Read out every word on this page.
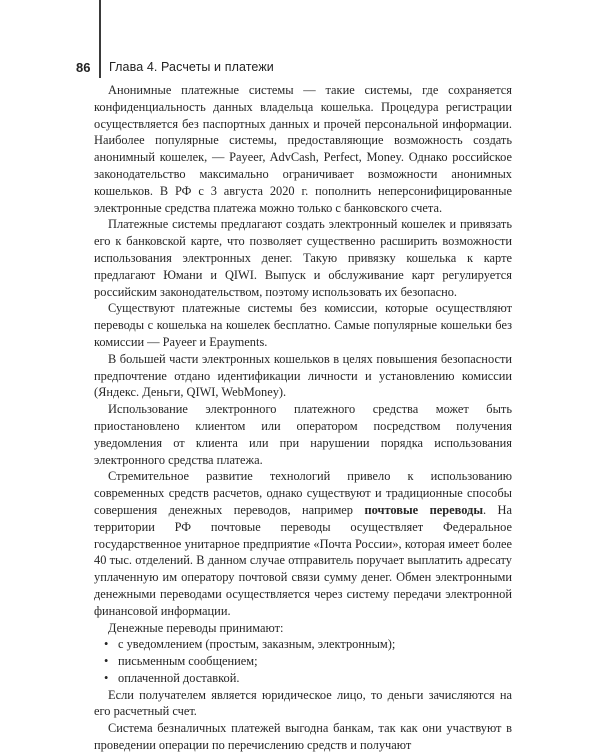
86	Глава 4. Расчеты и платежи

Анонимные платежные системы — такие системы, где сохраняется конфиденциальность данных владельца кошелька. Процедура регистрации осуществляется без паспортных данных и прочей персональной информации. Наиболее популярные системы, предоставляющие возможность создать анонимный кошелек, — Payeer, AdvCash, Perfect, Money. Однако российское законодательство максимально ограничивает возможности анонимных кошельков. В РФ с 3 августа 2020 г. пополнить неперсонифицированные электронные средства платежа можно только с банковского счета.

Платежные системы предлагают создать электронный кошелек и привязать его к банковской карте, что позволяет существенно расширить возможности использования электронных денег. Такую привязку кошелька к карте предлагают Юмани и QIWI. Выпуск и обслуживание карт регулируется российским законодательством, поэтому использовать их безопасно.

Существуют платежные системы без комиссии, которые осуществляют переводы с кошелька на кошелек бесплатно. Самые популярные кошельки без комиссии — Payeer и Epayments.

В большей части электронных кошельков в целях повышения безопасности предпочтение отдано идентификации личности и установлению комиссии (Яндекс. Деньги, QIWI, WebMoney).

Использование электронного платежного средства может быть приостановлено клиентом или оператором посредством получения уведомления от клиента или при нарушении порядка использования электронного средства платежа.

Стремительное развитие технологий привело к использованию современных средств расчетов, однако существуют и традиционные способы совершения денежных переводов, например почтовые переводы. На территории РФ почтовые переводы осуществляет Федеральное государственное унитарное предприятие «Почта России», которая имеет более 40 тыс. отделений. В данном случае отправитель поручает выплатить адресату уплаченную им оператору почтовой связи сумму денег. Обмен электронными денежными переводами осуществляется через систему передачи электронной финансовой информации.

Денежные переводы принимают:

• с уведомлением (простым, заказным, электронным);
• письменным сообщением;
• оплаченной доставкой.

Если получателем является юридическое лицо, то деньги зачисляются на его расчетный счет.

Система безналичных платежей выгодна банкам, так как они участвуют в проведении операции по перечислению средств и получают
